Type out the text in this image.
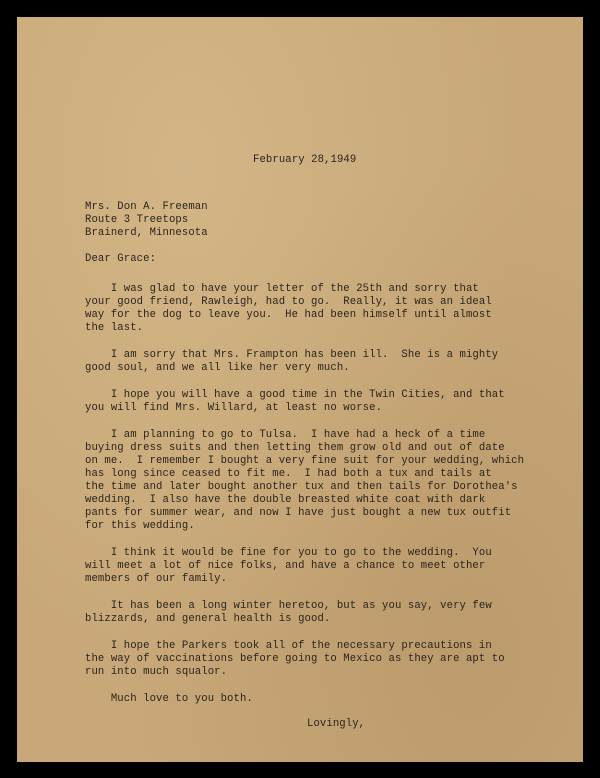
February 28,1949
Mrs. Don A. Freeman
Route 3 Treetops
Brainerd, Minnesota
Dear Grace:
I was glad to have your letter of the 25th and sorry that
your good friend, Rawleigh, had to go.  Really, it was an ideal
way for the dog to leave you.  He had been himself until almost
the last.
I am sorry that Mrs. Frampton has been ill.  She is a mighty
good soul, and we all like her very much.
I hope you will have a good time in the Twin Cities, and that
you will find Mrs. Willard, at least no worse.
I am planning to go to Tulsa.  I have had a heck of a time
buying dress suits and then letting them grow old and out of date
on me.  I remember I bought a very fine suit for your wedding, which
has long since ceased to fit me.  I had both a tux and tails at
the time and later bought another tux and then tails for Dorothea's
wedding.  I also have the double breasted white coat with dark
pants for summer wear, and now I have just bought a new tux outfit
for this wedding.
I think it would be fine for you to go to the wedding.  You
will meet a lot of nice folks, and have a chance to meet other
members of our family.
It has been a long winter heretoo, but as you say, very few
blizzards, and general health is good.
I hope the Parkers took all of the necessary precautions in
the way of vaccinations before going to Mexico as they are apt to
run into much squalor.
Much love to you both.
Lovingly,
